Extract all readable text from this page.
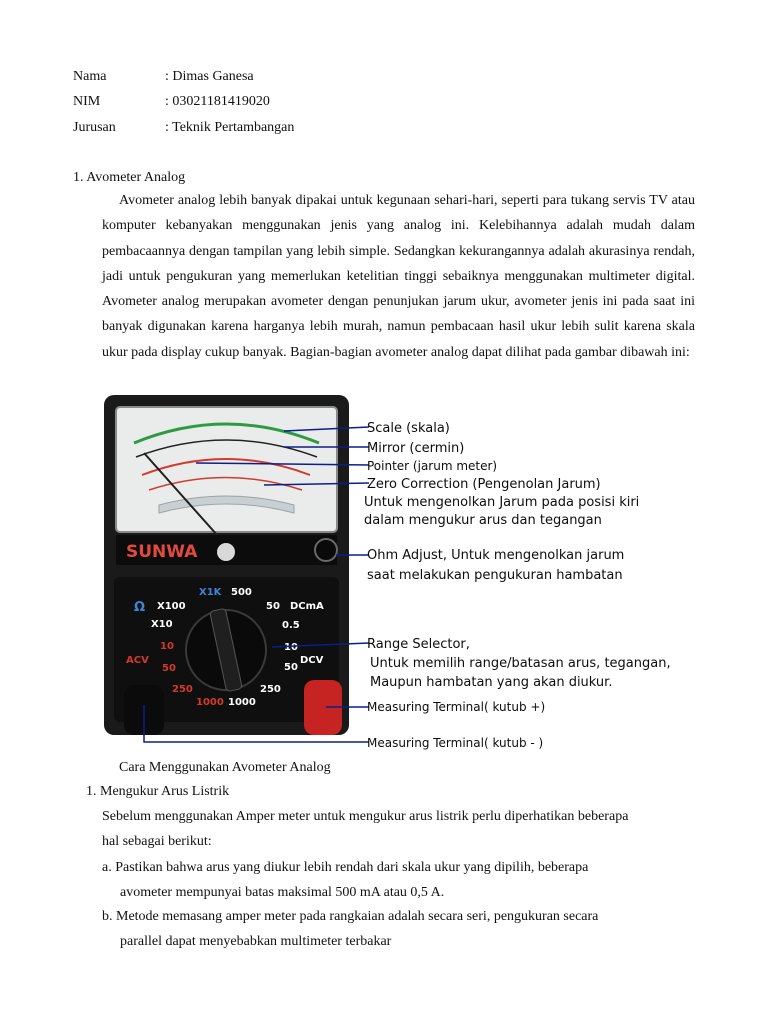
Nama	: Dimas Ganesa
NIM	: 03021181419020
Jurusan	: Teknik Pertambangan
1. Avometer Analog

Avometer analog lebih banyak dipakai untuk kegunaan sehari-hari, seperti para tukang servis TV atau komputer kebanyakan menggunakan jenis yang analog ini. Kelebihannya adalah mudah dalam pembacaannya dengan tampilan yang lebih simple. Sedangkan kekurangannya adalah akurasinya rendah, jadi untuk pengukuran yang memerlukan ketelitian tinggi sebaiknya menggunakan multimeter digital. Avometer analog merupakan avometer dengan penunjukan jarum ukur, avometer jenis ini pada saat ini banyak digunakan karena harganya lebih murah, namun pembacaan hasil ukur lebih sulit karena skala ukur pada display cukup banyak. Bagian-bagian avometer analog dapat dilihat pada gambar dibawah ini:

SUNWA
500
X1K
X100
X10
50 DCmA
0.5
10
50
DCV
250
1000
1000
250
50
10
ACV
Ω
Scale (skala)
Mirror (cermin)
Pointer (jarum meter)
Zero Correction (Pengenolan Jarum)
Untuk mengenolkan Jarum pada posisi kiri
dalam mengukur arus dan tegangan
Ohm Adjust, Untuk mengenolkan jarum
saat melakukan pengukuran hambatan
Range Selector,
Untuk memilih range/batasan arus, tegangan,
Maupun hambatan yang akan diukur.
Measuring Terminal( kutub +)
Measuring Terminal( kutub - )
Cara Menggunakan Avometer Analog
1. Mengukur Arus Listrik
Sebelum menggunakan Amper meter untuk mengukur arus listrik perlu diperhatikan beberapa
hal sebagai berikut:
a. Pastikan bahwa arus yang diukur lebih rendah dari skala ukur yang dipilih, beberapa
avometer mempunyai batas maksimal 500 mA atau 0,5 A.
b. Metode memasang amper meter pada rangkaian adalah secara seri, pengukuran secara
parallel dapat menyebabkan multimeter terbakar
